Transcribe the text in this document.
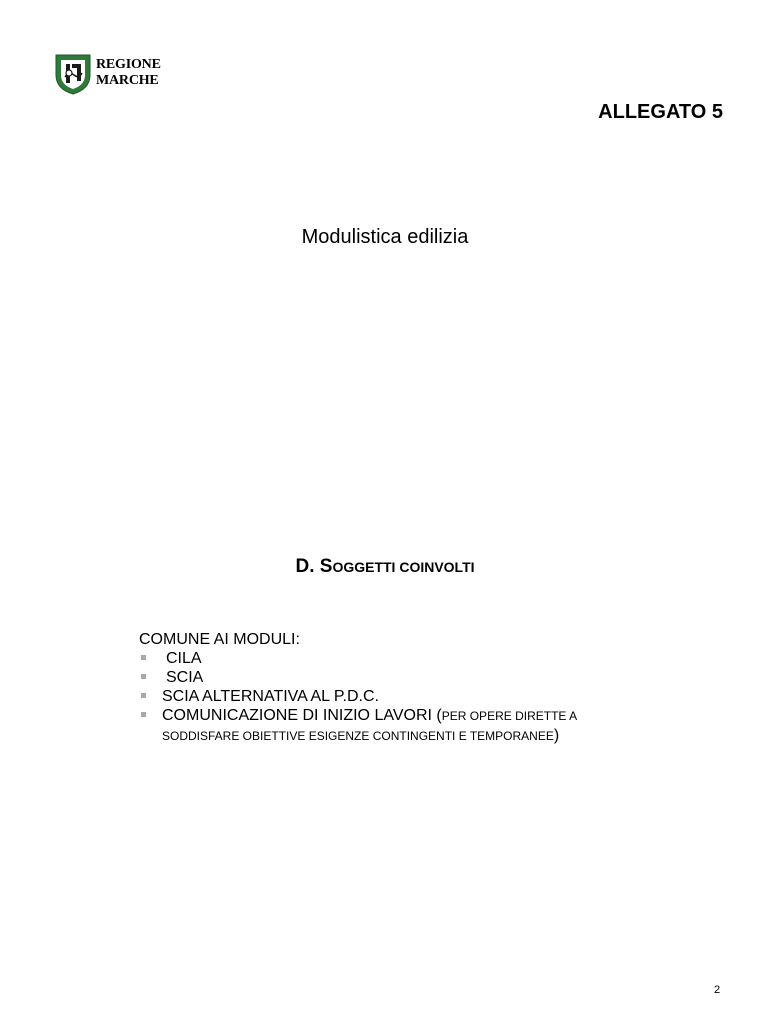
REGIONE
MARCHE
ALLEGATO 5
Modulistica edilizia
D. SOGGETTI COINVOLTI
COMUNE AI MODULI:
CILA
SCIA
SCIA ALTERNATIVA AL P.D.C.
COMUNICAZIONE DI INIZIO LAVORI (PER OPERE DIRETTE A
SODDISFARE OBIETTIVE ESIGENZE CONTINGENTI E TEMPORANEE)
2
